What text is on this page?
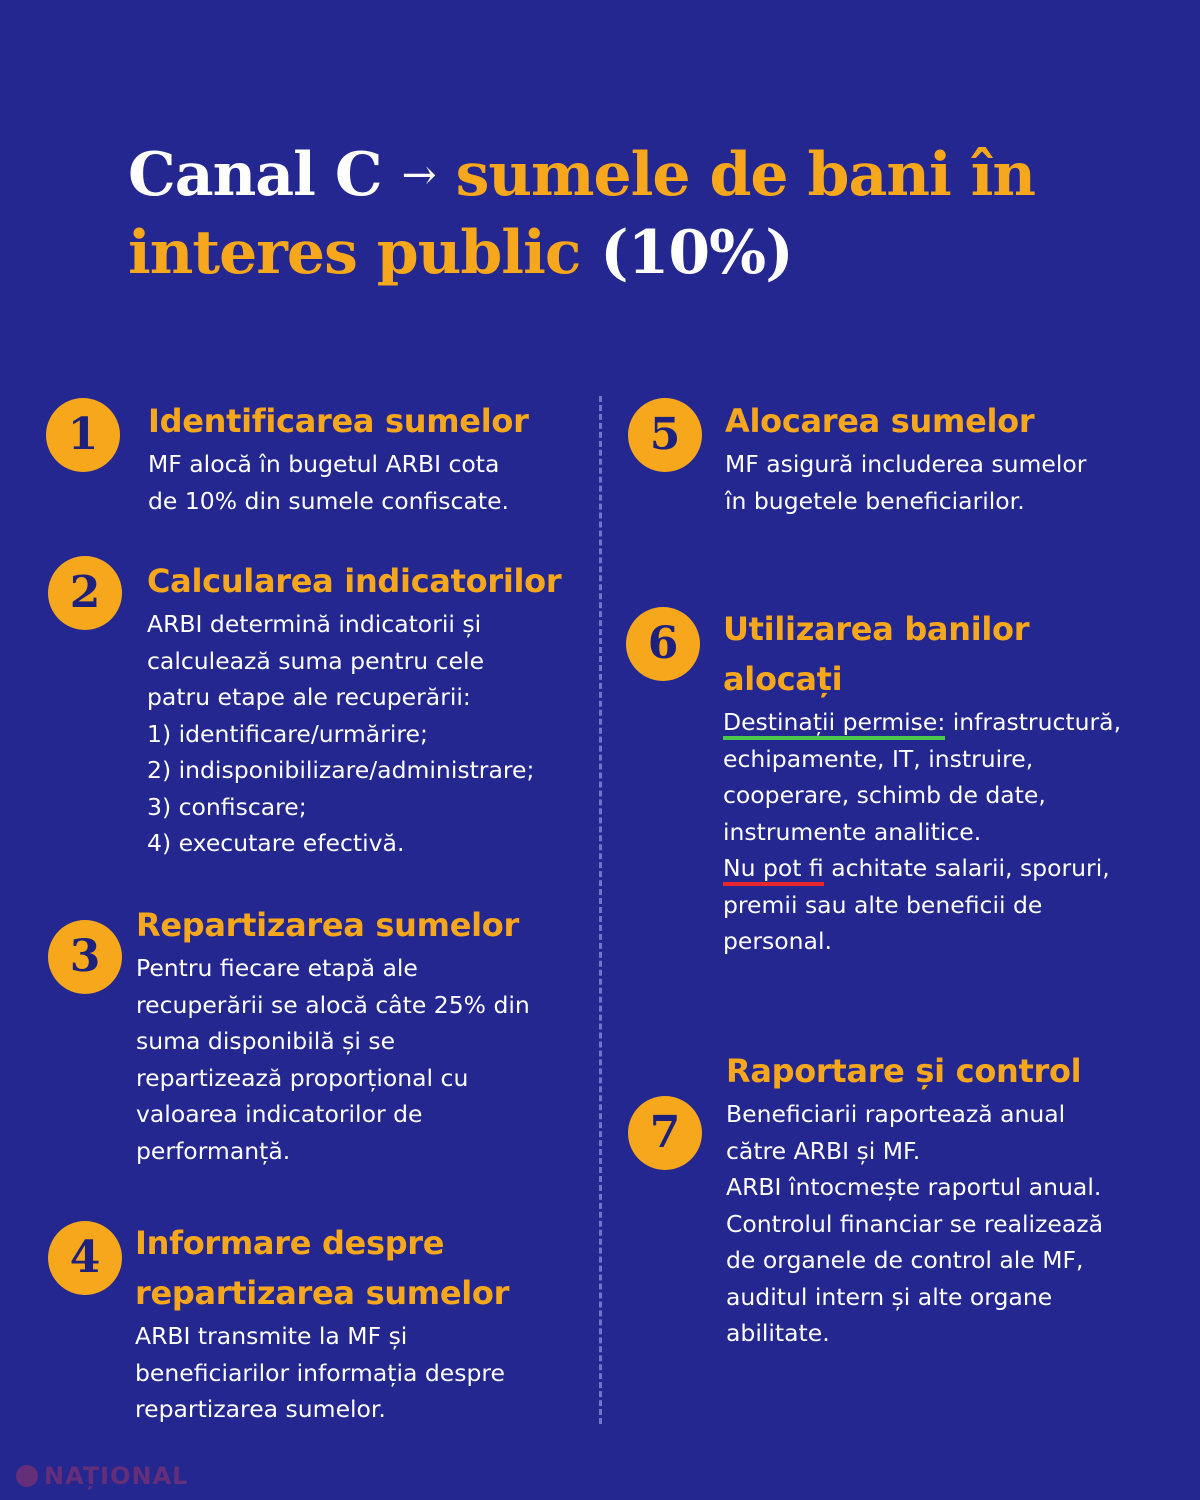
Canal C → sumele de bani în
interes public (10%)
1	Identificarea sumelor

MF alocă în bugetul ARBI cota

de 10% din sumele confiscate.

2	Calcularea indicatorilor

ARBI determină indicatorii și

calculează suma pentru cele

patru etape ale recuperării:

1) identificare/urmărire;

2) indisponibilizare/administrare;

3) confiscare;

4) executare efectivă.

3
Repartizarea sumelor

Pentru fiecare etapă ale

recuperării se alocă câte 25% din

suma disponibilă și se

repartizează proporțional cu

valoarea indicatorilor de

performanță.

4	Informare despre
repartizarea sumelor

ARBI transmite la MF și

beneficiarilor informația despre

repartizarea sumelor.

5	Alocarea sumelor

MF asigură includerea sumelor

în bugetele beneficiarilor.

6	Utilizarea banilor
alocați

Destinații permise: infrastructură,

echipamente, IT, instruire,

cooperare, schimb de date,

instrumente analitice.

Nu pot fi achitate salarii, sporuri,

premii sau alte beneficii de

personal.

7
Raportare și control

Beneficiarii raportează anual

către ARBI și MF.

ARBI întocmește raportul anual.

Controlul financiar se realizează

de organele de control ale MF,

auditul intern și alte organe

abilitate.

NAȚIONAL
